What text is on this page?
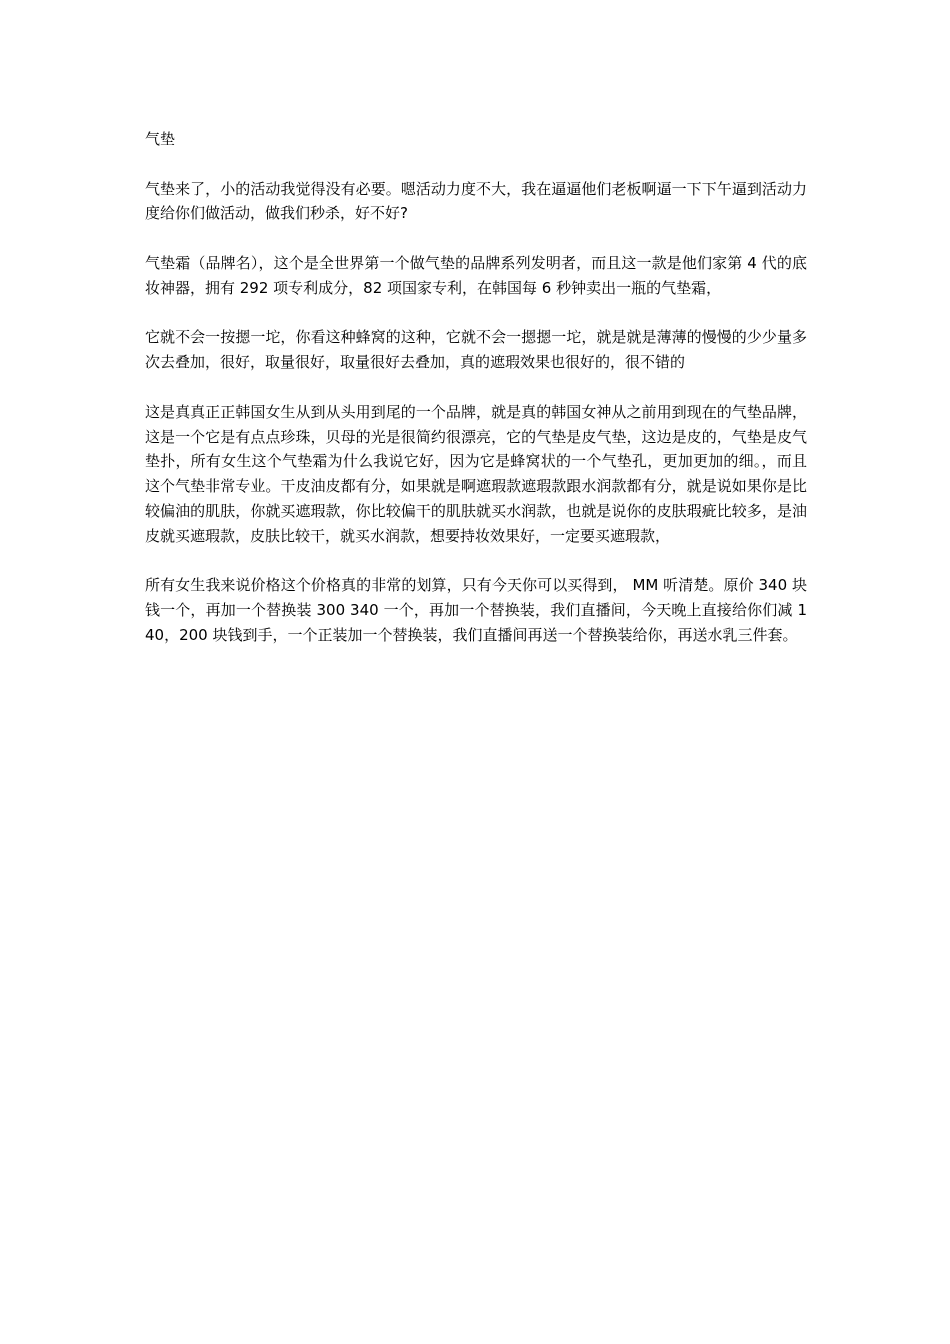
气垫

气垫来了，小的活动我觉得没有必要。嗯活动力度不大，我在逼逼他们老板啊逼一下下午逼到活动力度给你们做活动，做我们秒杀，好不好?

气垫霜（品牌名），这个是全世界第一个做气垫的品牌系列发明者，而且这一款是他们家第 4 代的底妆神器，拥有 292 项专利成分，82 项国家专利，在韩国每 6 秒钟卖出一瓶的气垫霜，

它就不会一按摁一坨，你看这种蜂窝的这种，它就不会一摁摁一坨，就是就是薄薄的慢慢的少少量多次去叠加，很好，取量很好，取量很好去叠加，真的遮瑕效果也很好的，很不错的

这是真真正正韩国女生从到从头用到尾的一个品牌，就是真的韩国女神从之前用到现在的气垫品牌，这是一个它是有点点珍珠，贝母的光是很简约很漂亮，它的气垫是皮气垫，这边是皮的，气垫是皮气垫扑，所有女生这个气垫霜为什么我说它好，因为它是蜂窝状的一个气垫孔，更加更加的细。，而且这个气垫非常专业。干皮油皮都有分，如果就是啊遮瑕款遮瑕款跟水润款都有分，就是说如果你是比较偏油的肌肤，你就买遮瑕款，你比较偏干的肌肤就买水润款，也就是说你的皮肤瑕疵比较多，是油皮就买遮瑕款，皮肤比较干，就买水润款，想要持妆效果好，一定要买遮瑕款，

所有女生我来说价格这个价格真的非常的划算，只有今天你可以买得到， MM 听清楚。原价 340 块钱一个，再加一个替换装 300 340 一个，再加一个替换装，我们直播间，今天晚上直接给你们减 140，200 块钱到手，一个正装加一个替换装，我们直播间再送一个替换装给你，再送水乳三件套。
